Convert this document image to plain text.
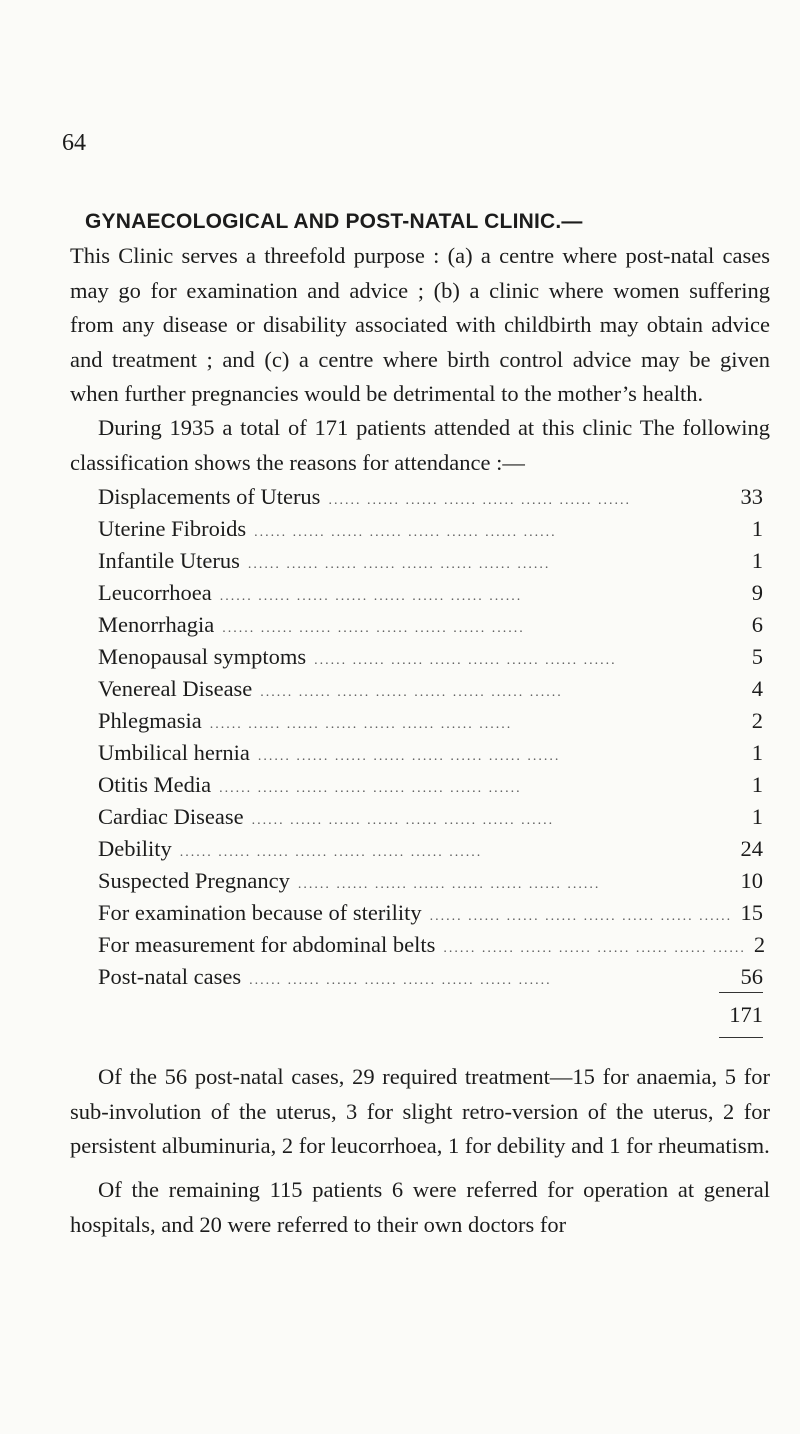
64

GYNAECOLOGICAL AND POST-NATAL CLINIC.—
This Clinic serves a threefold purpose : (a) a centre where post-natal cases may go for examination and advice ; (b) a clinic where women suffering from any disease or disability associated with childbirth may obtain advice and treatment ; and (c) a centre where birth control advice may be given when further pregnancies would be detrimental to the mother’s health.

During 1935 a total of 171 patients attended at this clinic The following classification shows the reasons for attendance :—

Displacements of Uterus ...... ...... ...... ...... ...... ...... ...... ......	33
Uterine Fibroids ...... ...... ...... ...... ...... ...... ...... ......	1
Infantile Uterus ...... ...... ...... ...... ...... ...... ...... ......	1
Leucorrhoea ...... ...... ...... ...... ...... ...... ...... ......	9
Menorrhagia ...... ...... ...... ...... ...... ...... ...... ......	6
Menopausal symptoms ...... ...... ...... ...... ...... ...... ...... ......	5
Venereal Disease ...... ...... ...... ...... ...... ...... ...... ......	4
Phlegmasia ...... ...... ...... ...... ...... ...... ...... ......	2
Umbilical hernia ...... ...... ...... ...... ...... ...... ...... ......	1
Otitis Media ...... ...... ...... ...... ...... ...... ...... ......	1
Cardiac Disease ...... ...... ...... ...... ...... ...... ...... ......	1
Debility ...... ...... ...... ...... ...... ...... ...... ......	24
Suspected Pregnancy ...... ...... ...... ...... ...... ...... ...... ......	10
For examination because of sterility ...... ...... ...... ...... ...... ...... ...... ...... 15
For measurement for abdominal belts ...... ...... ...... ...... ...... ...... ...... ...... 2
Post-natal cases ...... ...... ...... ...... ...... ...... ...... ......	56
171

Of the 56 post-natal cases, 29 required treatment—15 for anaemia, 5 for sub-involution of the uterus, 3 for slight retro-version of the uterus, 2 for persistent albuminuria, 2 for leucorrhoea, 1 for debility and 1 for rheumatism.

Of the remaining 115 patients 6 were referred for operation at general hospitals, and 20 were referred to their own doctors for
